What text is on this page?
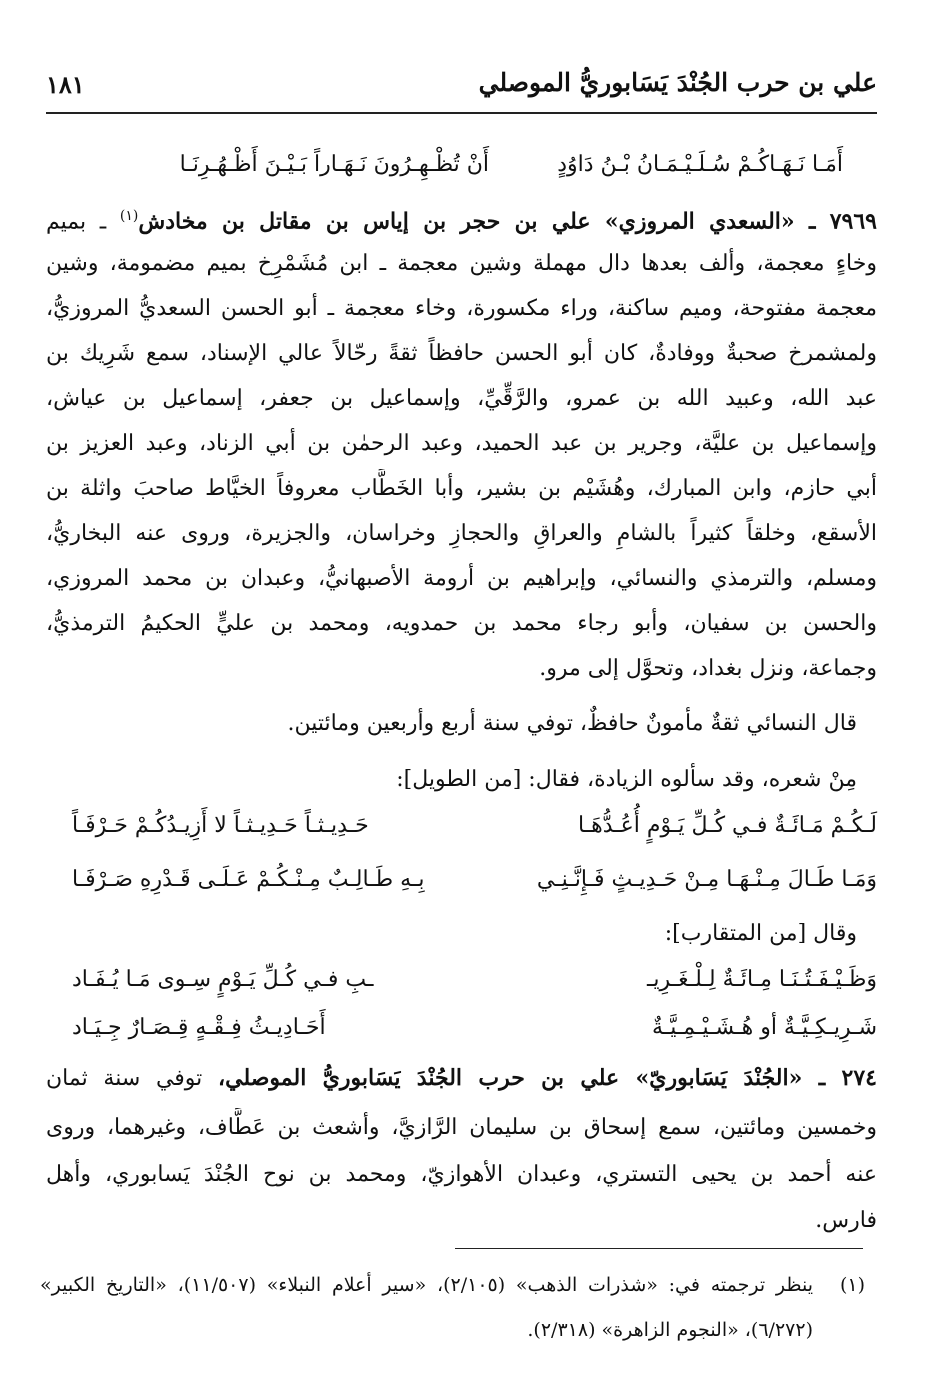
علي بن حرب الجُنْدَ يَسَابوريُّ الموصلي
١٨١
أَنْ تُظْـهِـرُونَ نَـهَـاراً بَـيْـنَ أَظْـهُـرِنَـا	أَمَـا نَـهَـاكُـمْ سُـلَـيْـمَـانُ بْـنُ دَاوُدٍ
٧٩٦٩ ـ «السعدي المروزي» علي بن حجر بن إياس بن مقاتل بن مخادش$^{(١)}$ ـ بميم
وخاءٍ معجمة، وألف بعدها دال مهملة وشين معجمة ـ ابن مُشَمْرِخ بميم مضمومة، وشين
معجمة مفتوحة، وميم ساكنة، وراء مكسورة، وخاء معجمة ـ أبو الحسن السعديُّ المروزيُّ،
ولمشمرخ صحبةٌ ووفادةٌ، كان أبو الحسن حافظاً ثقةً رحّالاً عالي الإسناد، سمع شَرِيك بن
عبد الله، وعبيد الله بن عمرو، والرَّقِّيِّ، وإسماعيل بن جعفر، إسماعيل بن عياش،
وإسماعيل بن عليَّة، وجرير بن عبد الحميد، وعبد الرحمٰن بن أبي الزناد، وعبد العزيز بن
أبي حازم، وابن المبارك، وهُشَيْم بن بشير، وأبا الخَطَّاب معروفاً الخيَّاط صاحبَ واثلة بن
الأسقع، وخلقاً كثيراً بالشامِ والعراقِ والحجازِ وخراسان، والجزيرة، وروى عنه البخاريُّ،
ومسلم، والترمذي والنسائي، وإبراهيم بن أرومة الأصبهانيُّ، وعبدان بن محمد المروزي،
والحسن بن سفيان، وأبو رجاء محمد بن حمدويه، ومحمد بن عليٍّ الحكيمُ الترمذيُّ،
وجماعة، ونزل بغداد، وتحوَّل إلى مرو.
قال النسائي ثقةٌ مأمونٌ حافظٌ، توفي سنة أربع وأربعين ومائتين.
مِنْ شعره، وقد سألوه الزيادة، فقال: [من الطويل]:
لَـكُـمْ مَـائَـةٌ فـي كُـلِّ يَـوْمٍ أُعُـدُّهَـا
حَـدِيـثـاً حَـدِيـثـاً لا أَزِيـدُكُـمْ حَـرْفَـاً
وَمَـا طَـالَ مِـنْـهَـا مِـنْ حَـدِيـثٍ فَـإِنَّـنِـي
بِـهِ طَـالِـبٌ مِـنْـكُـمْ عَـلَـى قَـدْرِهِ صَـرْفَـا
وقال [من المتقارب]:
وَظَـيْـفَـتُـنَـا مِـائَـةٌ لِـلْـغَـرِيـ
ـبِ فـي كُـلِّ يَـوْمٍ سِـوى مَـا يُـفَـاد
شَـرِيـكِـيَّـةٌ أو هُـشَـيْـمِـيَّـةٌ
أَحَـادِيـثُ فِـقْـهٍ قِـصَـارٌ جِـيَـاد
٢٧٤ ـ «الجُنْدَ يَسَابوريّ» علي بن حرب الجُنْدَ يَسَابوريُّ الموصلي، توفي سنة ثمان
وخمسين ومائتين، سمع إسحاق بن سليمان الرَّازيَّ، وأشعث بن عَطَّاف، وغيرهما، وروى
عنه أحمد بن يحيى التستري، وعبدان الأهوازيّ، ومحمد بن نوح الجُنْدَ يَسابوري، وأهل
فارس.
(١)
ينظر ترجمته في: «شذرات الذهب» (٢/١٠٥)، «سير أعلام النبلاء» (١١/٥٠٧)، «التاريخ الكبير»
(٦/٢٧٢)، «النجوم الزاهرة» (٢/٣١٨).
